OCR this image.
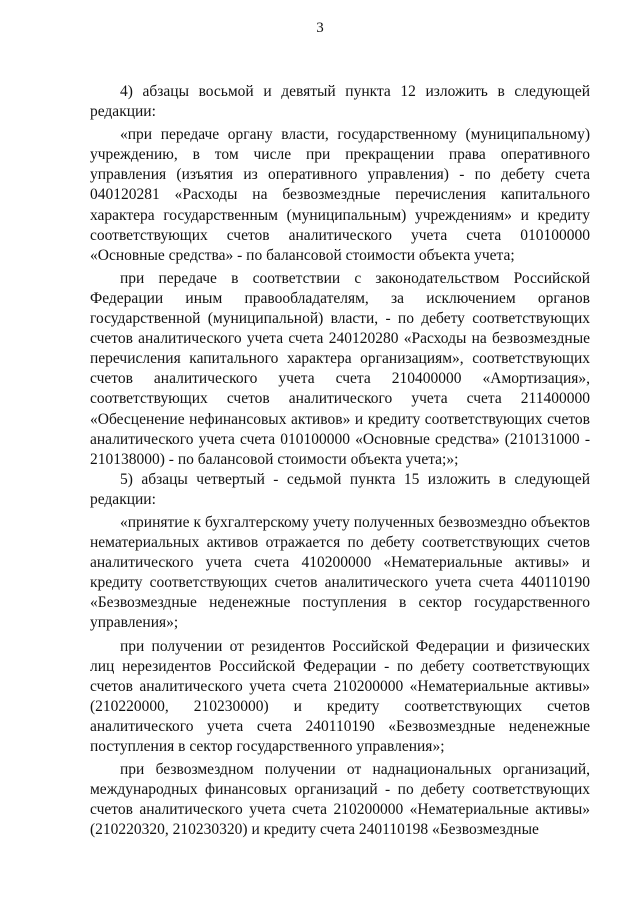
3

4) абзацы восьмой и девятый пункта 12 изложить в следующей редакции:

«при передаче органу власти, государственному (муниципальному) учреждению, в том числе при прекращении права оперативного управления (изъятия из оперативного управления) - по дебету счета 040120281 «Расходы на безвозмездные перечисления капитального характера государственным (муниципальным) учреждениям» и кредиту соответствующих счетов аналитического учета счета 010100000 «Основные средства» - по балансовой стоимости объекта учета;

при передаче в соответствии с законодательством Российской Федерации иным правообладателям, за исключением органов государственной (муниципальной) власти, - по дебету соответствующих счетов аналитического учета счета 240120280 «Расходы на безвозмездные перечисления капитального характера организациям», соответствующих счетов аналитического учета счета 210400000 «Амортизация», соответствующих счетов аналитического учета счета 211400000 «Обесценение нефинансовых активов» и кредиту соответствующих счетов аналитического учета счета 010100000 «Основные средства» (210131000 - 210138000) - по балансовой стоимости объекта учета;»;

5) абзацы четвертый - седьмой пункта 15 изложить в следующей редакции:

«принятие к бухгалтерскому учету полученных безвозмездно объектов нематериальных активов отражается по дебету соответствующих счетов аналитического учета счета 410200000 «Нематериальные активы» и кредиту соответствующих счетов аналитического учета счета 440110190 «Безвозмездные неденежные поступления в сектор государственного управления»;

при получении от резидентов Российской Федерации и физических лиц нерезидентов Российской Федерации - по дебету соответствующих счетов аналитического учета счета 210200000 «Нематериальные активы» (210220000, 210230000) и кредиту соответствующих счетов аналитического учета счета 240110190 «Безвозмездные неденежные поступления в сектор государственного управления»;

при безвозмездном получении от наднациональных организаций, международных финансовых организаций - по дебету соответствующих счетов аналитического учета счета 210200000 «Нематериальные активы» (210220320, 210230320) и кредиту счета 240110198 «Безвозмездные
